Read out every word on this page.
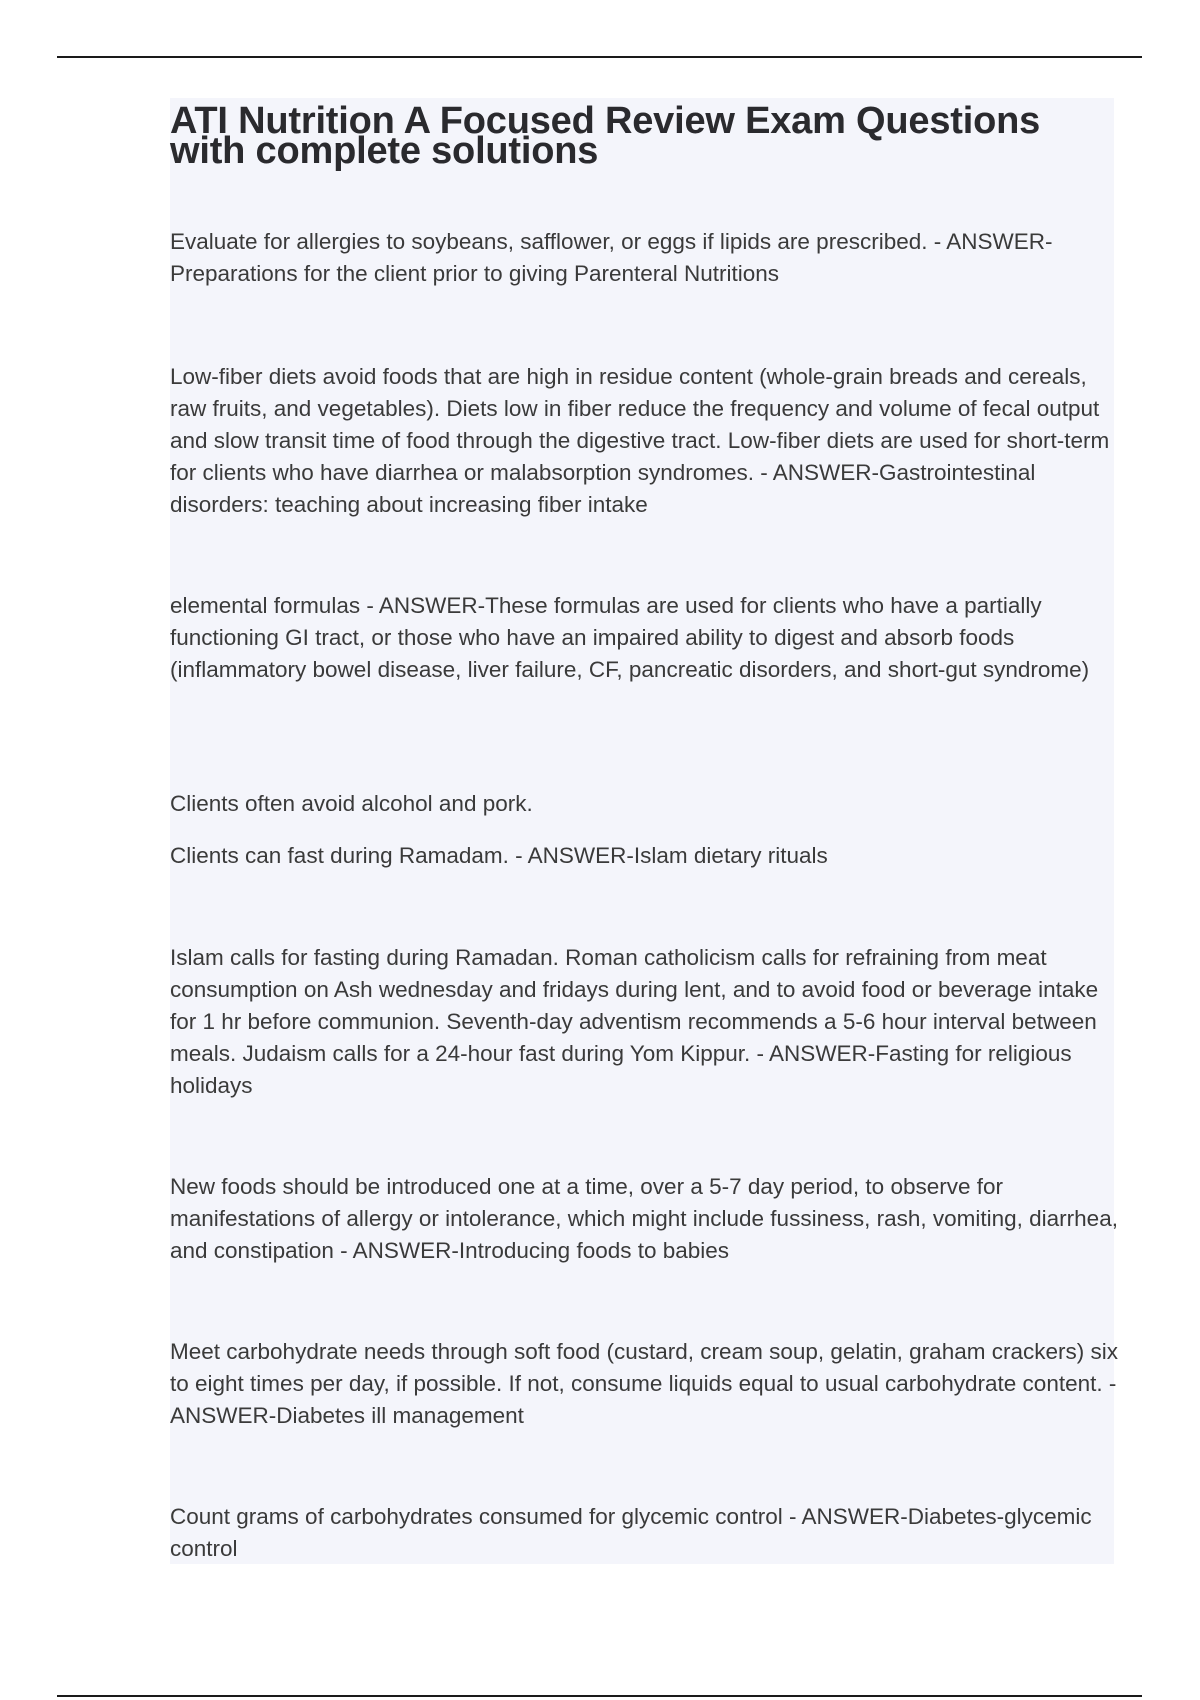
ATI Nutrition A Focused Review Exam Questions with complete solutions

Evaluate for allergies to soybeans, safflower, or eggs if lipids are prescribed. - ANSWER-Preparations for the client prior to giving Parenteral Nutritions

Low-fiber diets avoid foods that are high in residue content (whole-grain breads and cereals, raw fruits, and vegetables). Diets low in fiber reduce the frequency and volume of fecal output and slow transit time of food through the digestive tract. Low-fiber diets are used for short-term for clients who have diarrhea or malabsorption syndromes. - ANSWER-Gastrointestinal disorders: teaching about increasing fiber intake

elemental formulas - ANSWER-These formulas are used for clients who have a partially functioning GI tract, or those who have an impaired ability to digest and absorb foods (inflammatory bowel disease, liver failure, CF, pancreatic disorders, and short-gut syndrome)

Clients often avoid alcohol and pork.

Clients can fast during Ramadam. - ANSWER-Islam dietary rituals

Islam calls for fasting during Ramadan. Roman catholicism calls for refraining from meat consumption on Ash wednesday and fridays during lent, and to avoid food or beverage intake for 1 hr before communion. Seventh-day adventism recommends a 5-6 hour interval between meals. Judaism calls for a 24-hour fast during Yom Kippur. - ANSWER-Fasting for religious holidays

New foods should be introduced one at a time, over a 5-7 day period, to observe for manifestations of allergy or intolerance, which might include fussiness, rash, vomiting, diarrhea, and constipation - ANSWER-Introducing foods to babies

Meet carbohydrate needs through soft food (custard, cream soup, gelatin, graham crackers) six to eight times per day, if possible. If not, consume liquids equal to usual carbohydrate content. - ANSWER-Diabetes ill management

Count grams of carbohydrates consumed for glycemic control - ANSWER-Diabetes-glycemic control
